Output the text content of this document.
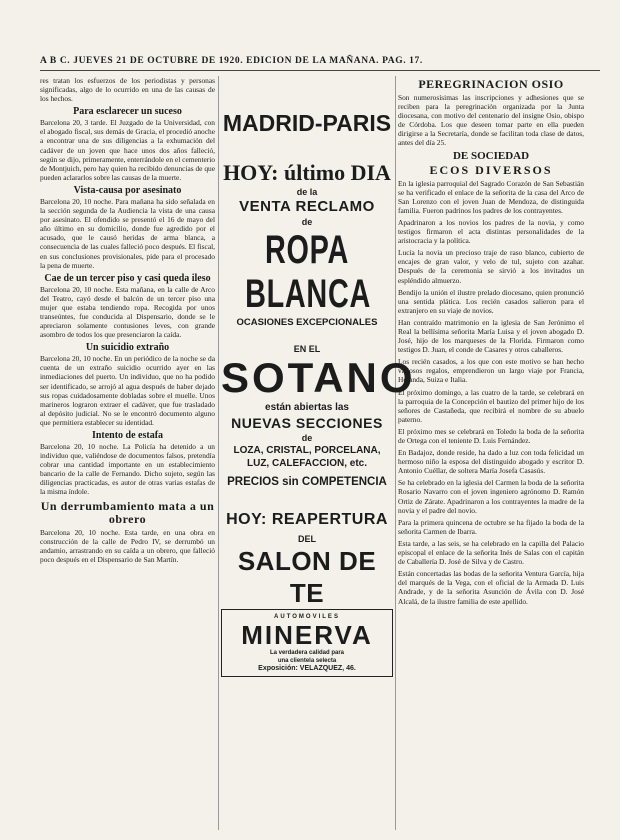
A B C. JUEVES 21 DE OCTUBRE DE 1920. EDICION DE LA MAÑANA. PAG. 17.

res tratan los esfuerzos de los periodistas y personas significadas, algo de lo ocurrido en una de las causas de los hechos.

Para esclarecer un suceso

Barcelona 20, 3 tarde. El Juzgado de la Universidad, con el abogado fiscal, sus demás de Gracia, el procedió anoche a encontrar una de sus diligencias a la exhumación del cadáver de un joven que hace unos dos años falleció, según se dijo, primeramente, enterrándole en el cementerio de Montjuich, pero hay quien ha recibido denuncias de que pueden aclararlos sobre las causas de la muerte.

Vista-causa por asesinato

Barcelona 20, 10 noche. Para mañana ha sido señalada en la sección segunda de la Audiencia la vista de una causa por asesinato. El ofendido se presentó el 16 de mayo del año último en su domicilio, donde fue agredido por el acusado, que le causó heridas de arma blanca, a consecuencia de las cuales falleció poco después. El fiscal, en sus conclusiones provisionales, pide para el procesado la pena de muerte.

Cae de un tercer piso y casi queda ileso

Barcelona 20, 10 noche. Esta mañana, en la calle de Arco del Teatro, cayó desde el balcón de un tercer piso una mujer que estaba tendiendo ropa. Recogida por unos transeúntes, fue conducida al Dispensario, donde se le apreciaron solamente contusiones leves, con grande asombro de todos los que presenciaron la caída.

Un suicidio extraño

Barcelona 20, 10 noche. En un periódico de la noche se da cuenta de un extraño suicidio ocurrido ayer en las inmediaciones del puerto. Un individuo, que no ha podido ser identificado, se arrojó al agua después de haber dejado sus ropas cuidadosamente dobladas sobre el muelle. Unos marineros lograron extraer el cadáver, que fue trasladado al depósito judicial. No se le encontró documento alguno que permitiera establecer su identidad.

Intento de estafa

Barcelona 20, 10 noche. La Policía ha detenido a un individuo que, valiéndose de documentos falsos, pretendía cobrar una cantidad importante en un establecimiento bancario de la calle de Fernando. Dicho sujeto, según las diligencias practicadas, es autor de otras varias estafas de la misma índole.

Un derrumbamiento mata a un obrero

Barcelona 20, 10 noche. Esta tarde, en una obra en construcción de la calle de Pedro IV, se derrumbó un andamio, arrastrando en su caída a un obrero, que falleció poco después en el Dispensario de San Martín.

MADRID-PARIS
HOY: último DIA
de la
VENTA RECLAMO
de
ROPA BLANCA
OCASIONES EXCEPCIONALES
EN EL
SOTANO
están abiertas las
NUEVAS SECCIONES
de
LOZA, CRISTAL, PORCELANA,
LUZ, CALEFACCION, etc.
PRECIOS sin COMPETENCIA
HOY: REAPERTURA
DEL
SALON DE TE
AUTOMOVILES
MINERVA
La verdadera calidad para
una clientela selecta
Exposición: VELAZQUEZ, 46.
PEREGRINACION OSIO

Son numerosísimas las inscripciones y adhesiones que se reciben para la peregrinación organizada por la Junta diocesana, con motivo del centenario del insigne Osio, obispo de Córdoba. Los que deseen tomar parte en ella pueden dirigirse a la Secretaría, donde se facilitan toda clase de datos, antes del día 25.

DE SOCIEDAD
ECOS DIVERSOS

En la iglesia parroquial del Sagrado Corazón de San Sebastián se ha verificado el enlace de la señorita de la casa del Arco de San Lorenzo con el joven Juan de Mendoza, de distinguida familia. Fueron padrinos los padres de los contrayentes.

Apadrinaron a los novios los padres de la novia, y como testigos firmaron el acta distintas personalidades de la aristocracia y la política.

Lucía la novia un precioso traje de raso blanco, cubierto de encajes de gran valor, y velo de tul, sujeto con azahar. Después de la ceremonia se sirvió a los invitados un espléndido almuerzo.

Bendijo la unión el ilustre prelado diocesano, quien pronunció una sentida plática. Los recién casados salieron para el extranjero en su viaje de novios.

Han contraído matrimonio en la iglesia de San Jerónimo el Real la bellísima señorita María Luisa y el joven abogado D. José, hijo de los marqueses de la Florida. Firmaron como testigos D. Juan, el conde de Casares y otros caballeros.

Los recién casados, a los que con este motivo se han hecho valiosos regalos, emprendieron un largo viaje por Francia, Holanda, Suiza e Italia.

El próximo domingo, a las cuatro de la tarde, se celebrará en la parroquia de la Concepción el bautizo del primer hijo de los señores de Castañeda, que recibirá el nombre de su abuelo paterno.

El próximo mes se celebrará en Toledo la boda de la señorita de Ortega con el teniente D. Luis Fernández.

En Badajoz, donde reside, ha dado a luz con toda felicidad un hermoso niño la esposa del distinguido abogado y escritor D. Antonio Cuéllar, de soltera María Josefa Casasús.

Se ha celebrado en la iglesia del Carmen la boda de la señorita Rosario Navarro con el joven ingeniero agrónomo D. Ramón Ortiz de Zárate. Apadrinaron a los contrayentes la madre de la novia y el padre del novio.

Para la primera quincena de octubre se ha fijado la boda de la señorita Carmen de Ibarra.

Esta tarde, a las seis, se ha celebrado en la capilla del Palacio episcopal el enlace de la señorita Inés de Salas con el capitán de Caballería D. José de Silva y de Castro.

Están concertadas las bodas de la señorita Ventura García, hija del marqués de la Vega, con el oficial de la Armada D. Luis Andrade, y de la señorita Asunción de Ávila con D. José Alcalá, de la ilustre familia de este apellido.
